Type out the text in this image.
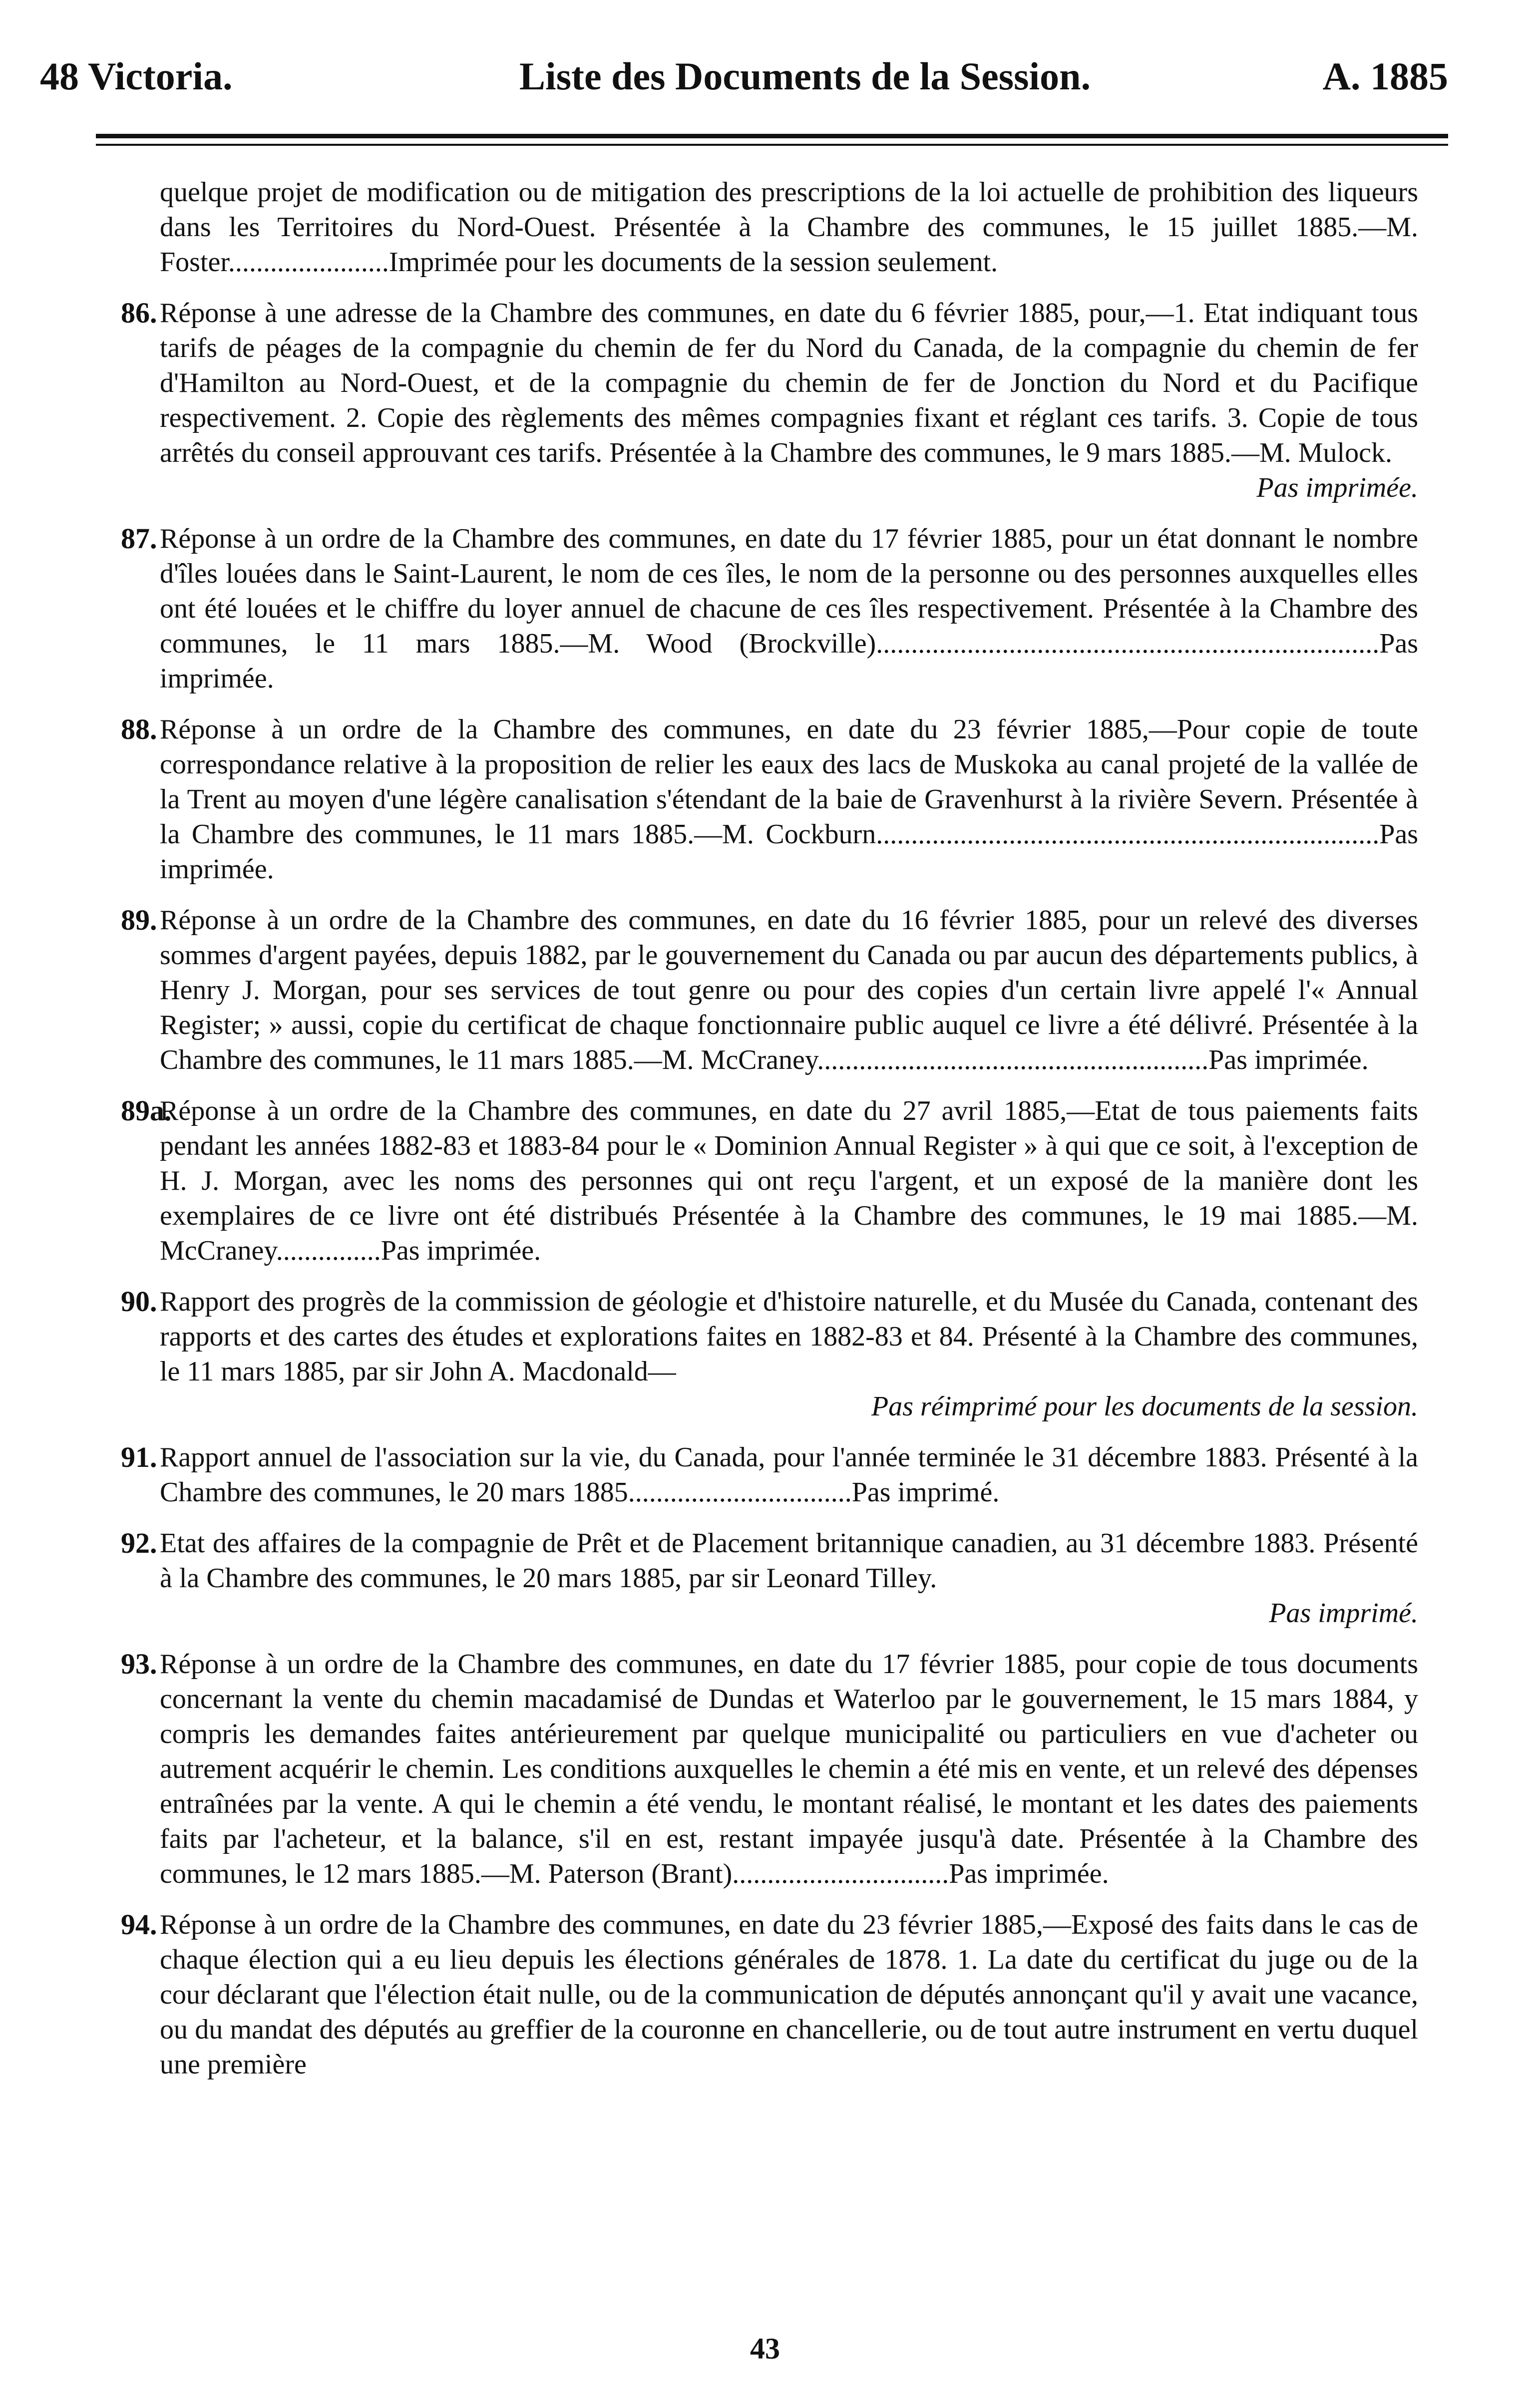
48 Victoria.	Liste des Documents de la Session.	A. 1885

quelque projet de modification ou de mitigation des prescriptions de la loi actuelle de prohibition des liqueurs dans les Territoires du Nord-Ouest. Présentée à la Chambre des communes, le 15 juillet 1885.—M. Foster.......................Imprimée pour les documents de la session seulement.

86. Réponse à une adresse de la Chambre des communes, en date du 6 février 1885, pour,—1. Etat indiquant tous tarifs de péages de la compagnie du chemin de fer du Nord du Canada, de la compagnie du chemin de fer d'Hamilton au Nord-Ouest, et de la compagnie du chemin de fer de Jonction du Nord et du Pacifique respectivement. 2. Copie des règlements des mêmes compagnies fixant et réglant ces tarifs. 3. Copie de tous arrêtés du conseil approuvant ces tarifs. Présentée à la Chambre des communes, le 9 mars 1885.—M. Mulock.

Pas imprimée.

87. Réponse à un ordre de la Chambre des communes, en date du 17 février 1885, pour un état donnant le nombre d'îles louées dans le Saint-Laurent, le nom de ces îles, le nom de la personne ou des personnes auxquelles elles ont été louées et le chiffre du loyer annuel de chacune de ces îles respectivement. Présentée à la Chambre des communes, le 11 mars 1885.—M. Wood (Brockville)........................................................................Pas imprimée.

88. Réponse à un ordre de la Chambre des communes, en date du 23 février 1885,—Pour copie de toute correspondance relative à la proposition de relier les eaux des lacs de Muskoka au canal projeté de la vallée de la Trent au moyen d'une légère canalisation s'étendant de la baie de Gravenhurst à la rivière Severn. Présentée à la Chambre des communes, le 11 mars 1885.—M. Cockburn........................................................................Pas imprimée.

89. Réponse à un ordre de la Chambre des communes, en date du 16 février 1885, pour un relevé des diverses sommes d'argent payées, depuis 1882, par le gouvernement du Canada ou par aucun des départements publics, à Henry J. Morgan, pour ses services de tout genre ou pour des copies d'un certain livre appelé l'« Annual Register; » aussi, copie du certificat de chaque fonctionnaire public auquel ce livre a été délivré. Présentée à la Chambre des communes, le 11 mars 1885.—M. McCraney........................................................Pas imprimée.

89a.

Réponse à un ordre de la Chambre des communes, en date du 27 avril 1885,—Etat de tous paiements faits pendant les années 1882-83 et 1883-84 pour le « Dominion Annual Register » à qui que ce soit, à l'exception de H. J. Morgan, avec les noms des personnes qui ont reçu l'argent, et un exposé de la manière dont les exemplaires de ce livre ont été distribués Présentée à la Chambre des communes, le 19 mai 1885.—M. McCraney...............Pas imprimée.

90. Rapport des progrès de la commission de géologie et d'histoire naturelle, et du Musée du Canada, contenant des rapports et des cartes des études et explorations faites en 1882-83 et 84. Présenté à la Chambre des communes, le 11 mars 1885, par sir John A. Macdonald—

Pas réimprimé pour les documents de la session.

91. Rapport annuel de l'association sur la vie, du Canada, pour l'année terminée le 31 décembre 1883. Présenté à la Chambre des communes, le 20 mars 1885................................Pas imprimé.

92. Etat des affaires de la compagnie de Prêt et de Placement britannique canadien, au 31 décembre 1883. Présenté à la Chambre des communes, le 20 mars 1885, par sir Leonard Tilley.

Pas imprimé.

93. Réponse à un ordre de la Chambre des communes, en date du 17 février 1885, pour copie de tous documents concernant la vente du chemin macadamisé de Dundas et Waterloo par le gouvernement, le 15 mars 1884, y compris les demandes faites antérieurement par quelque municipalité ou particuliers en vue d'acheter ou autrement acquérir le chemin. Les conditions auxquelles le chemin a été mis en vente, et un relevé des dépenses entraînées par la vente. A qui le chemin a été vendu, le montant réalisé, le montant et les dates des paiements faits par l'acheteur, et la balance, s'il en est, restant impayée jusqu'à date. Présentée à la Chambre des communes, le 12 mars 1885.—M. Paterson (Brant)...............................Pas imprimée.

94. Réponse à un ordre de la Chambre des communes, en date du 23 février 1885,—Exposé des faits dans le cas de chaque élection qui a eu lieu depuis les élections générales de 1878. 1. La date du certificat du juge ou de la cour déclarant que l'élection était nulle, ou de la communication de députés annonçant qu'il y avait une vacance, ou du mandat des députés au greffier de la couronne en chancellerie, ou de tout autre instrument en vertu duquel une première

43
